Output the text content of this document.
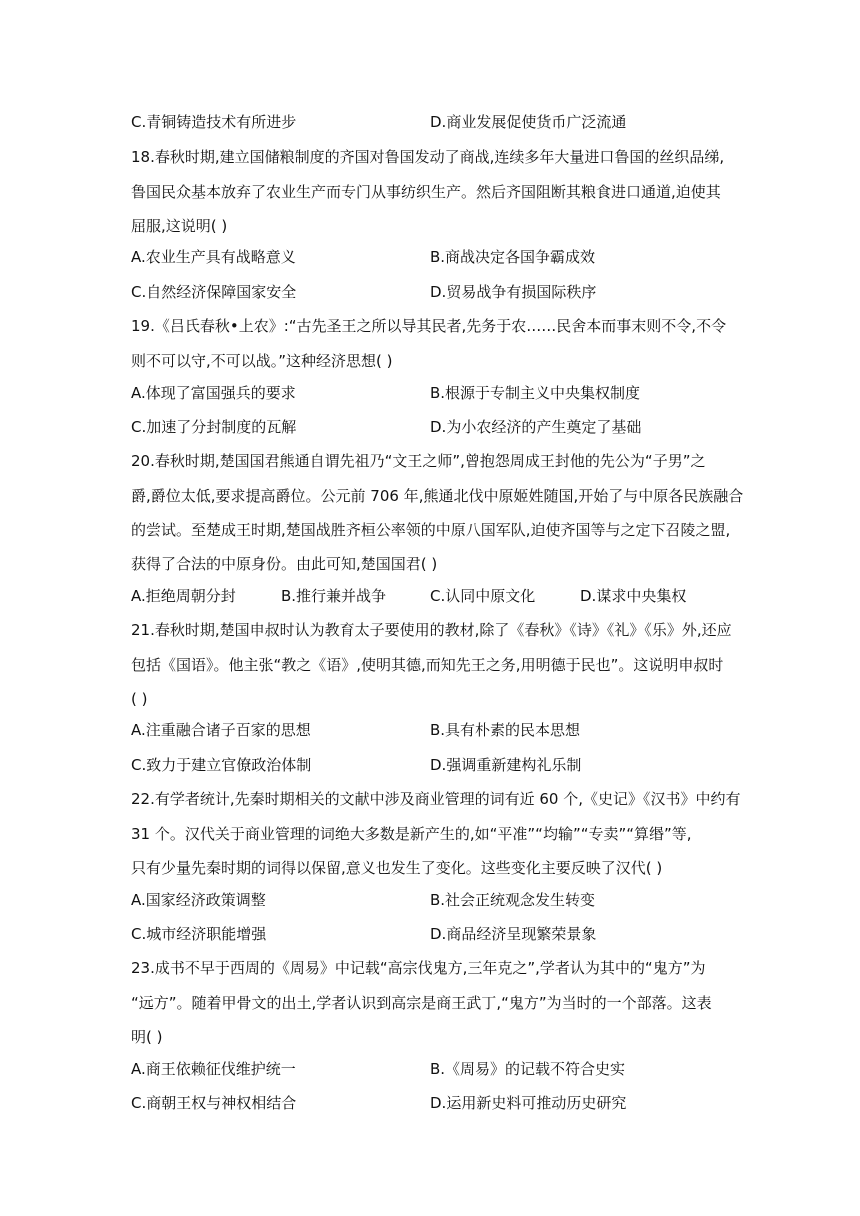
C.青铜铸造技术有所进步	D.商业发展促使货币广泛流通
18.春秋时期,建立国储粮制度的齐国对鲁国发动了商战,连续多年大量进口鲁国的丝织品绨,
鲁国民众基本放弃了农业生产而专门从事纺织生产。然后齐国阻断其粮食进口通道,迫使其
屈服,这说明( )
A.农业生产具有战略意义	B.商战决定各国争霸成效
C.自然经济保障国家安全	D.贸易战争有损国际秩序
19.《吕氏春秋•上农》:“古先圣王之所以导其民者,先务于农……民舍本而事末则不令,不令
则不可以守,不可以战。”这种经济思想( )
A.体现了富国强兵的要求	B.根源于专制主义中央集权制度
C.加速了分封制度的瓦解	D.为小农经济的产生奠定了基础
20.春秋时期,楚国国君熊通自谓先祖乃“文王之师”,曾抱怨周成王封他的先公为“子男”之
爵,爵位太低,要求提高爵位。公元前 706 年,熊通北伐中原姬姓随国,开始了与中原各民族融合
的尝试。至楚成王时期,楚国战胜齐桓公率领的中原八国军队,迫使齐国等与之定下召陵之盟,
获得了合法的中原身份。由此可知,楚国国君( )
A.拒绝周朝分封	B.推行兼并战争	C.认同中原文化	D.谋求中央集权
21.春秋时期,楚国申叔时认为教育太子要使用的教材,除了《春秋》《诗》《礼》《乐》外,还应
包括《国语》。他主张“教之《语》,使明其德,而知先王之务,用明德于民也”。这说明申叔时
( )
A.注重融合诸子百家的思想	B.具有朴素的民本思想
C.致力于建立官僚政治体制	D.强调重新建构礼乐制
22.有学者统计,先秦时期相关的文献中涉及商业管理的词有近 60 个,《史记》《汉书》中约有
31 个。汉代关于商业管理的词绝大多数是新产生的,如“平准”“均输”“专卖”“算缗”等,
只有少量先秦时期的词得以保留,意义也发生了变化。这些变化主要反映了汉代( )
A.国家经济政策调整	B.社会正统观念发生转变
C.城市经济职能增强	D.商品经济呈现繁荣景象
23.成书不早于西周的《周易》中记载“高宗伐鬼方,三年克之”,学者认为其中的“鬼方”为
“远方”。随着甲骨文的出土,学者认识到高宗是商王武丁,“鬼方”为当时的一个部落。这表
明( )
A.商王依赖征伐维护统一	B.《周易》的记载不符合史实
C.商朝王权与神权相结合	D.运用新史料可推动历史研究
